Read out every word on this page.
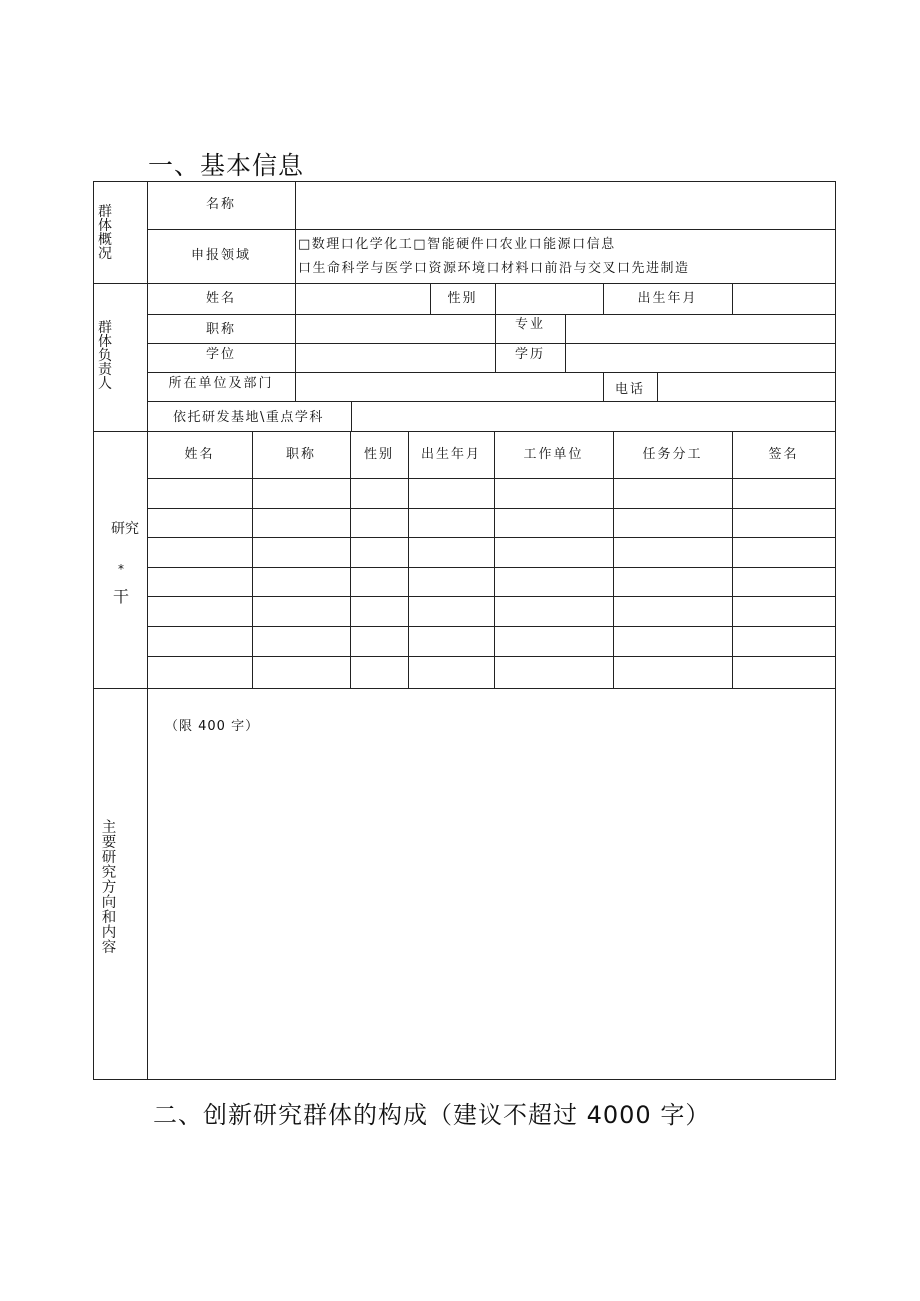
一、基本信息
群体概况
名称
申报领域
□数理口化学化工□智能硬件口农业口能源口信息
口生命科学与医学口资源环境口材料口前沿与交叉口先进制造
群体负责人
姓名	性别	出生年月
职称	专业
学位	学历
所在单位及部门	电话
依托研发基地\重点学科
研究
*
干
姓名	职称	性别	出生年月	工作单位	任务分工	签名
主要研究方向和内容
（限 400 字）
二、创新研究群体的构成（建议不超过 4000 字）
